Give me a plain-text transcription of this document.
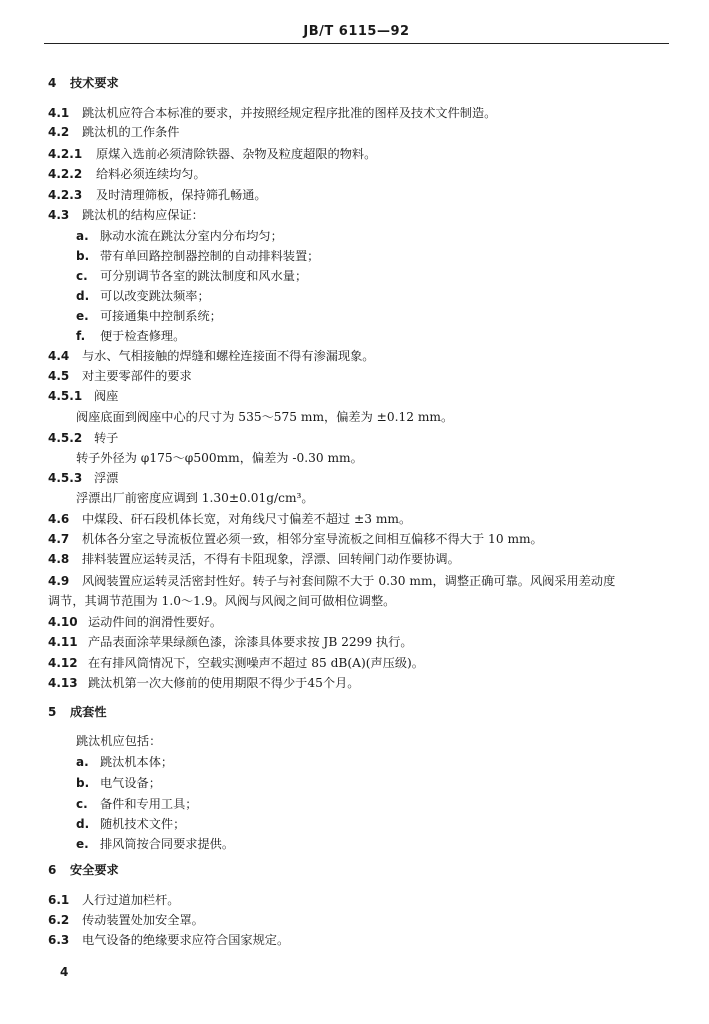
JB/T 6115—92
4 技术要求
4.1 跳汰机应符合本标准的要求，并按照经规定程序批准的图样及技术文件制造。
4.2 跳汰机的工作条件
4.2.1 原煤入选前必须清除铁器、杂物及粒度超限的物料。
4.2.2 给料必须连续均匀。
4.2.3 及时清理筛板，保持筛孔畅通。
4.3 跳汰机的结构应保证：
a. 脉动水流在跳汰分室内分布均匀；
b. 带有单回路控制器控制的自动排料装置；
c. 可分别调节各室的跳汰制度和风水量；
d. 可以改变跳汰频率；
e. 可接通集中控制系统；
f. 便于检查修理。
4.4 与水、气相接触的焊缝和螺栓连接面不得有渗漏现象。
4.5 对主要零部件的要求
4.5.1 阀座
阀座底面到阀座中心的尺寸为 535～575 mm，偏差为 ±0.12 mm。
4.5.2 转子
转子外径为 φ175～φ500mm，偏差为 -0.30 mm。
4.5.3 浮漂
浮漂出厂前密度应调到 1.30±0.01g/cm³。
4.6 中煤段、矸石段机体长宽，对角线尺寸偏差不超过 ±3 mm。
4.7 机体各分室之导流板位置必须一致，相邻分室导流板之间相互偏移不得大于 10 mm。
4.8 排料装置应运转灵活，不得有卡阻现象，浮漂、回转闸门动作要协调。
4.9 风阀装置应运转灵活密封性好。转子与衬套间隙不大于 0.30 mm，调整正确可靠。风阀采用差动度
调节，其调节范围为 1.0～1.9。风阀与风阀之间可做相位调整。
4.10 运动件间的润滑性要好。
4.11 产品表面涂苹果绿颜色漆，涂漆具体要求按 JB 2299 执行。
4.12 在有排风筒情况下，空载实测噪声不超过 85 dB(A)(声压级)。
4.13 跳汰机第一次大修前的使用期限不得少于45个月。
5 成套性
跳汰机应包括：
a. 跳汰机本体；
b. 电气设备；
c. 备件和专用工具；
d. 随机技术文件；
e. 排风筒按合同要求提供。
6 安全要求
6.1 人行过道加栏杆。
6.2 传动装置处加安全罩。
6.3 电气设备的绝缘要求应符合国家规定。
4
